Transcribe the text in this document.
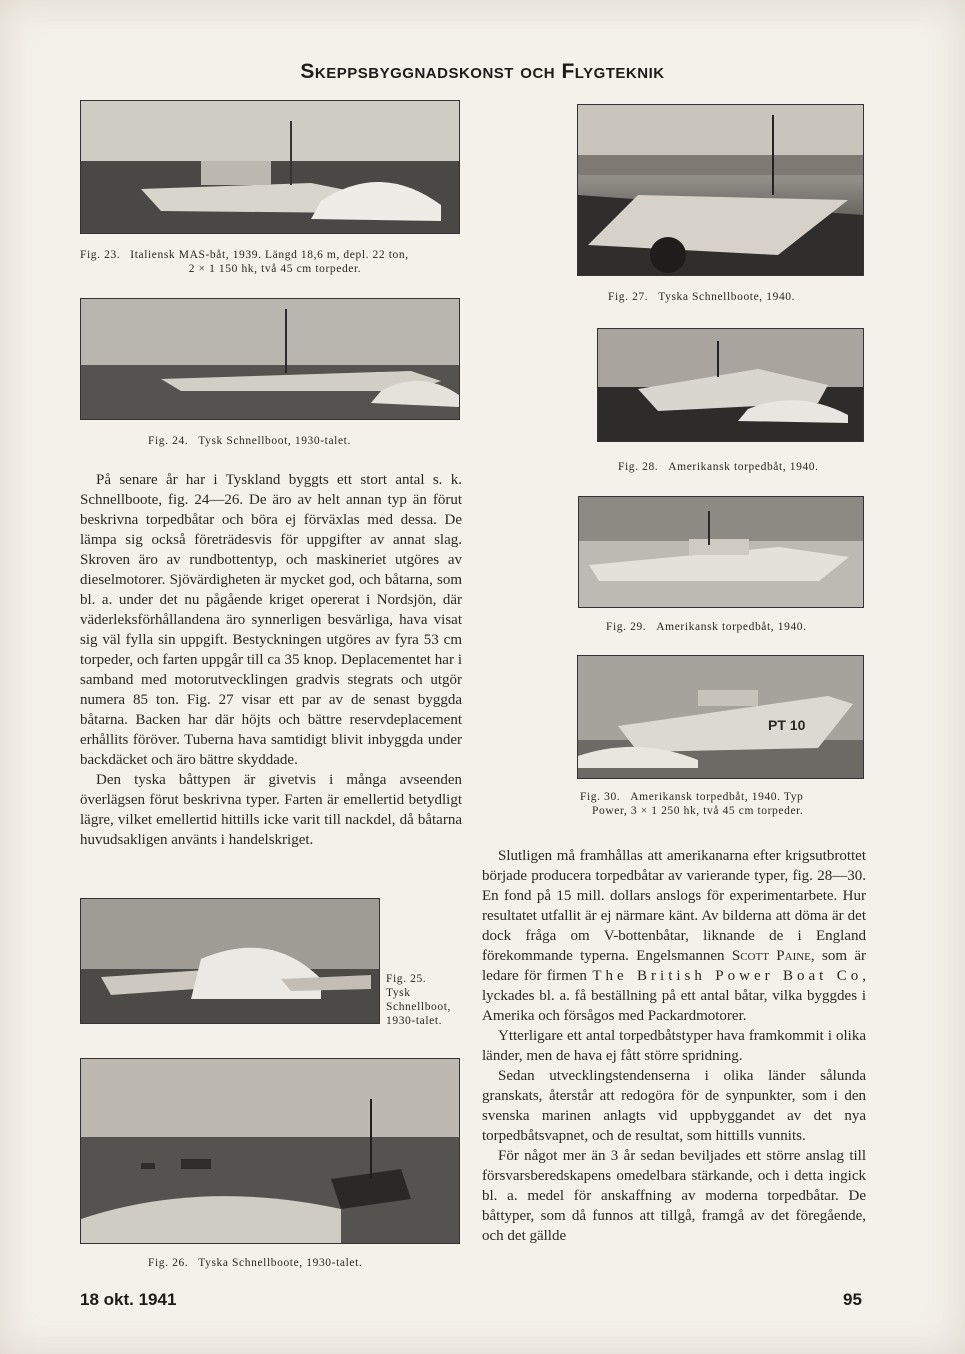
Skeppsbyggnadskonst och Flygteknik
Fig. 23. Italiensk MAS-båt, 1939. Längd 18,6 m, depl. 22 ton,
2 × 1 150 hk, två 45 cm torpeder.
Fig. 27. Tyska Schnellboote, 1940.
Fig. 24. Tysk Schnellboot, 1930-talet.
Fig. 28. Amerikansk torpedbåt, 1940.
Fig. 29. Amerikansk torpedbåt, 1940.
PT 10
Fig. 30. Amerikansk torpedbåt, 1940. Typ
Power, 3 × 1 250 hk, två 45 cm torpeder.

På senare år har i Tyskland byggts ett stort antal s. k. Schnellboote, fig. 24—26. De äro av helt annan typ än förut beskrivna torpedbåtar och böra ej förväxlas med dessa. De lämpa sig också företrädesvis för uppgifter av annat slag. Skroven äro av rundbottentyp, och maskineriet utgöres av dieselmotorer. Sjövärdigheten är mycket god, och båtarna, som bl. a. under det nu pågående kriget opererat i Nordsjön, där väderleksförhållandena äro synnerligen besvärliga, hava visat sig väl fylla sin uppgift. Bestyckningen utgöres av fyra 53 cm torpeder, och farten uppgår till ca 35 knop. Deplacementet har i samband med motorutvecklingen gradvis stegrats och utgör numera 85 ton. Fig. 27 visar ett par av de senast byggda båtarna. Backen har där höjts och bättre reservdeplacement erhållits föröver. Tuberna hava samtidigt blivit inbyggda under backdäcket och äro bättre skyddade.

Den tyska båttypen är givetvis i många avseenden överlägsen förut beskrivna typer. Farten är emellertid betydligt lägre, vilket emellertid hittills icke varit till nackdel, då båtarna huvudsakligen använts i handelskriget.

Fig. 25.
Tysk
Schnellboot,
1930-talet.
Fig. 26. Tyska Schnellboote, 1930-talet.

Slutligen må framhållas att amerikanarna efter krigsutbrottet började producera torpedbåtar av varierande typer, fig. 28—30. En fond på 15 mill. dollars anslogs för experimentarbete. Hur resultatet utfallit är ej närmare känt. Av bilderna att döma är det dock fråga om V-bottenbåtar, liknande de i England förekommande typerna. Engelsmannen Scott Paine, som är ledare för firmen The British Power Boat Co, lyckades bl. a. få beställning på ett antal båtar, vilka byggdes i Amerika och försågos med Packardmotorer.

Ytterligare ett antal torpedbåtstyper hava framkommit i olika länder, men de hava ej fått större spridning.

Sedan utvecklingstendenserna i olika länder sålunda granskats, återstår att redogöra för de synpunkter, som i den svenska marinen anlagts vid uppbyggandet av det nya torpedbåtsvapnet, och de resultat, som hittills vunnits.

För något mer än 3 år sedan beviljades ett större anslag till försvarsberedskapens omedelbara stärkande, och i detta ingick bl. a. medel för anskaffning av moderna torpedbåtar. De båttyper, som då funnos att tillgå, framgå av det föregående, och det gällde

18 okt. 1941	95
